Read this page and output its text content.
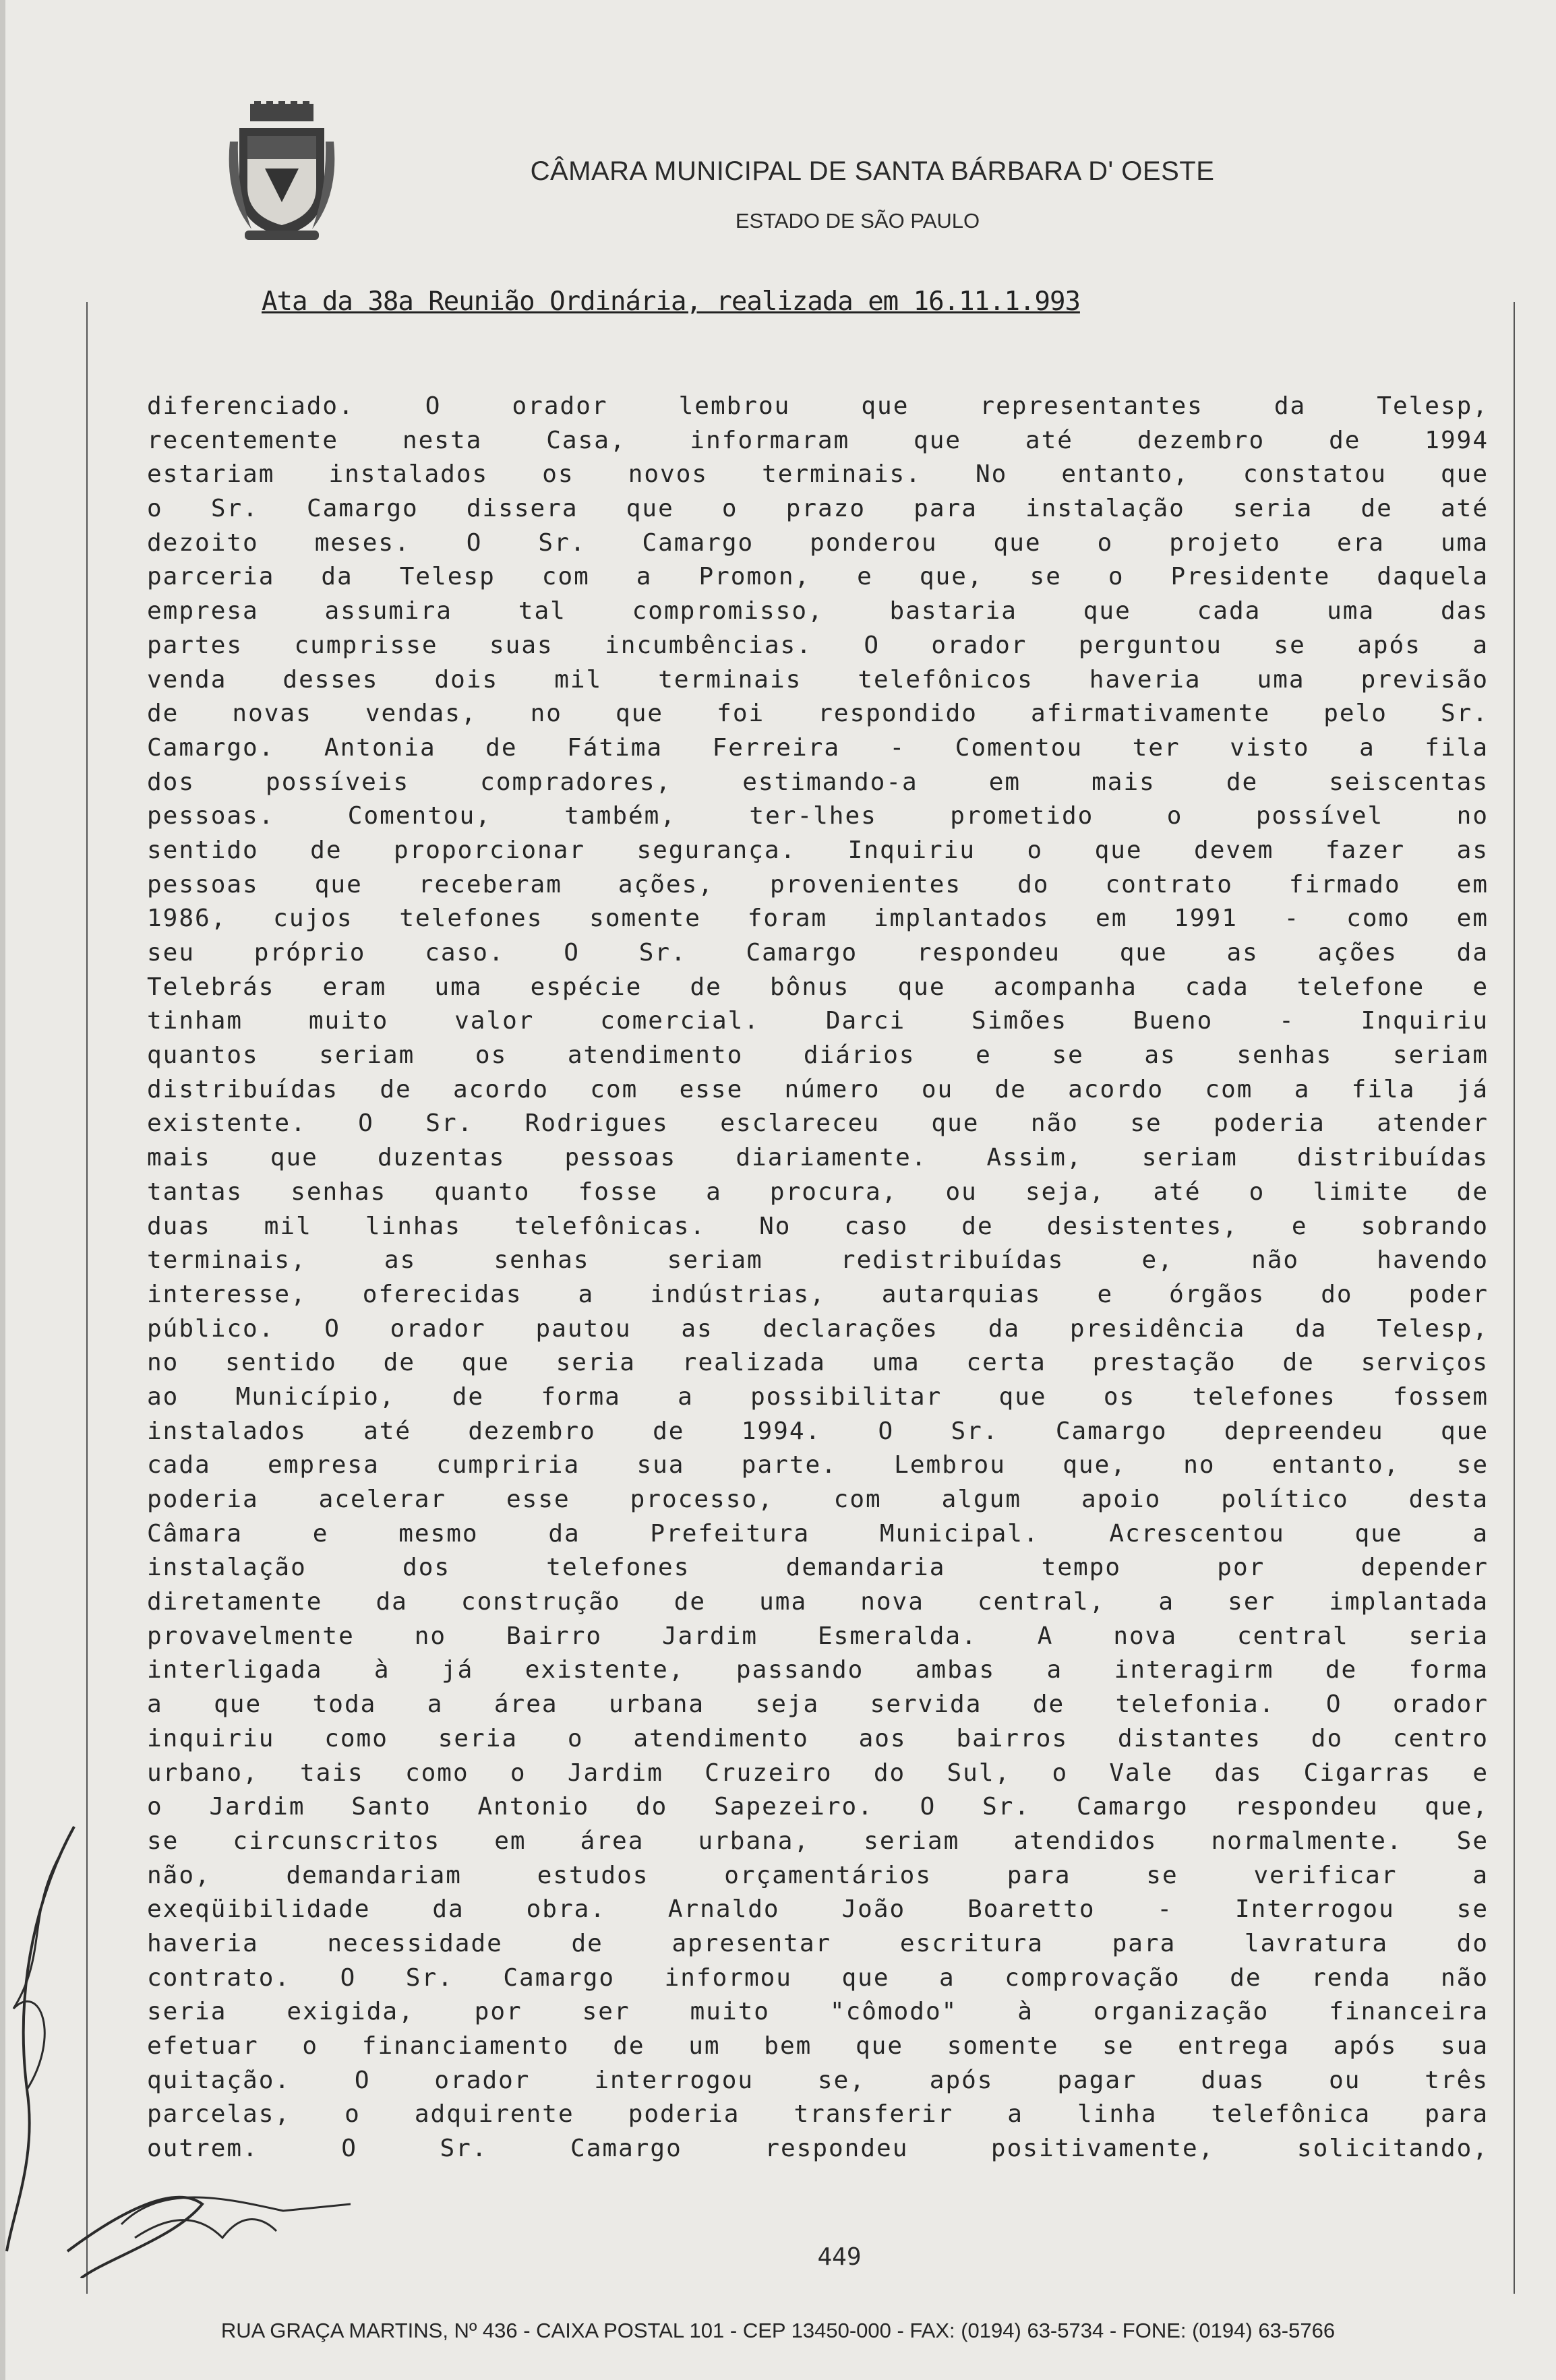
CÂMARA MUNICIPAL DE SANTA BÁRBARA D' OESTE
ESTADO DE SÃO PAULO
Ata da 38a Reunião Ordinária, realizada em 16.11.1.993
diferenciado. O orador lembrou que representantes da Telesp,
recentemente nesta Casa, informaram que até dezembro de 1994
estariam instalados os novos terminais. No entanto, constatou que
o Sr. Camargo dissera que o prazo para instalação seria de até
dezoito meses. O Sr. Camargo ponderou que o projeto era uma
parceria da Telesp com a Promon, e que, se o Presidente daquela
empresa assumira tal compromisso, bastaria que cada uma das
partes cumprisse suas incumbências. O orador perguntou se após a
venda desses dois mil terminais telefônicos haveria uma previsão
de novas vendas, no que foi respondido afirmativamente pelo Sr.
Camargo. Antonia de Fátima Ferreira - Comentou ter visto a fila
dos possíveis compradores, estimando-a em mais de seiscentas
pessoas. Comentou, também, ter-lhes prometido o possível no
sentido de proporcionar segurança. Inquiriu o que devem fazer as
pessoas que receberam ações, provenientes do contrato firmado em
1986, cujos telefones somente foram implantados em 1991 - como em
seu próprio caso. O Sr. Camargo respondeu que as ações da
Telebrás eram uma espécie de bônus que acompanha cada telefone e
tinham muito valor comercial. Darci Simões Bueno - Inquiriu
quantos seriam os atendimento diários e se as senhas seriam
distribuídas de acordo com esse número ou de acordo com a fila já
existente. O Sr. Rodrigues esclareceu que não se poderia atender
mais que duzentas pessoas diariamente. Assim, seriam distribuídas
tantas senhas quanto fosse a procura, ou seja, até o limite de
duas mil linhas telefônicas. No caso de desistentes, e sobrando
terminais, as senhas seriam redistribuídas e, não havendo
interesse, oferecidas a indústrias, autarquias e órgãos do poder
público. O orador pautou as declarações da presidência da Telesp,
no sentido de que seria realizada uma certa prestação de serviços
ao Município, de forma a possibilitar que os telefones fossem
instalados até dezembro de 1994. O Sr. Camargo depreendeu que
cada empresa cumpriria sua parte. Lembrou que, no entanto, se
poderia acelerar esse processo, com algum apoio político desta
Câmara e mesmo da Prefeitura Municipal. Acrescentou que a
instalação dos telefones demandaria tempo por depender
diretamente da construção de uma nova central, a ser implantada
provavelmente no Bairro Jardim Esmeralda. A nova central seria
interligada à já existente, passando ambas a interagirm de forma
a que toda a área urbana seja servida de telefonia. O orador
inquiriu como seria o atendimento aos bairros distantes do centro
urbano, tais como o Jardim Cruzeiro do Sul, o Vale das Cigarras e
o Jardim Santo Antonio do Sapezeiro. O Sr. Camargo respondeu que,
se circunscritos em área urbana, seriam atendidos normalmente. Se
não, demandariam estudos orçamentários para se verificar a
exeqüibilidade da obra. Arnaldo João Boaretto - Interrogou se
haveria necessidade de apresentar escritura para lavratura do
contrato. O Sr. Camargo informou que a comprovação de renda não
seria exigida, por ser muito "cômodo" à organização financeira
efetuar o financiamento de um bem que somente se entrega após sua
quitação. O orador interrogou se, após pagar duas ou três
parcelas, o adquirente poderia transferir a linha telefônica para
outrem. O Sr. Camargo respondeu positivamente, solicitando,
449
RUA GRAÇA MARTINS, Nº 436 - CAIXA POSTAL 101 - CEP 13450-000 - FAX: (0194) 63-5734 - FONE: (0194) 63-5766
